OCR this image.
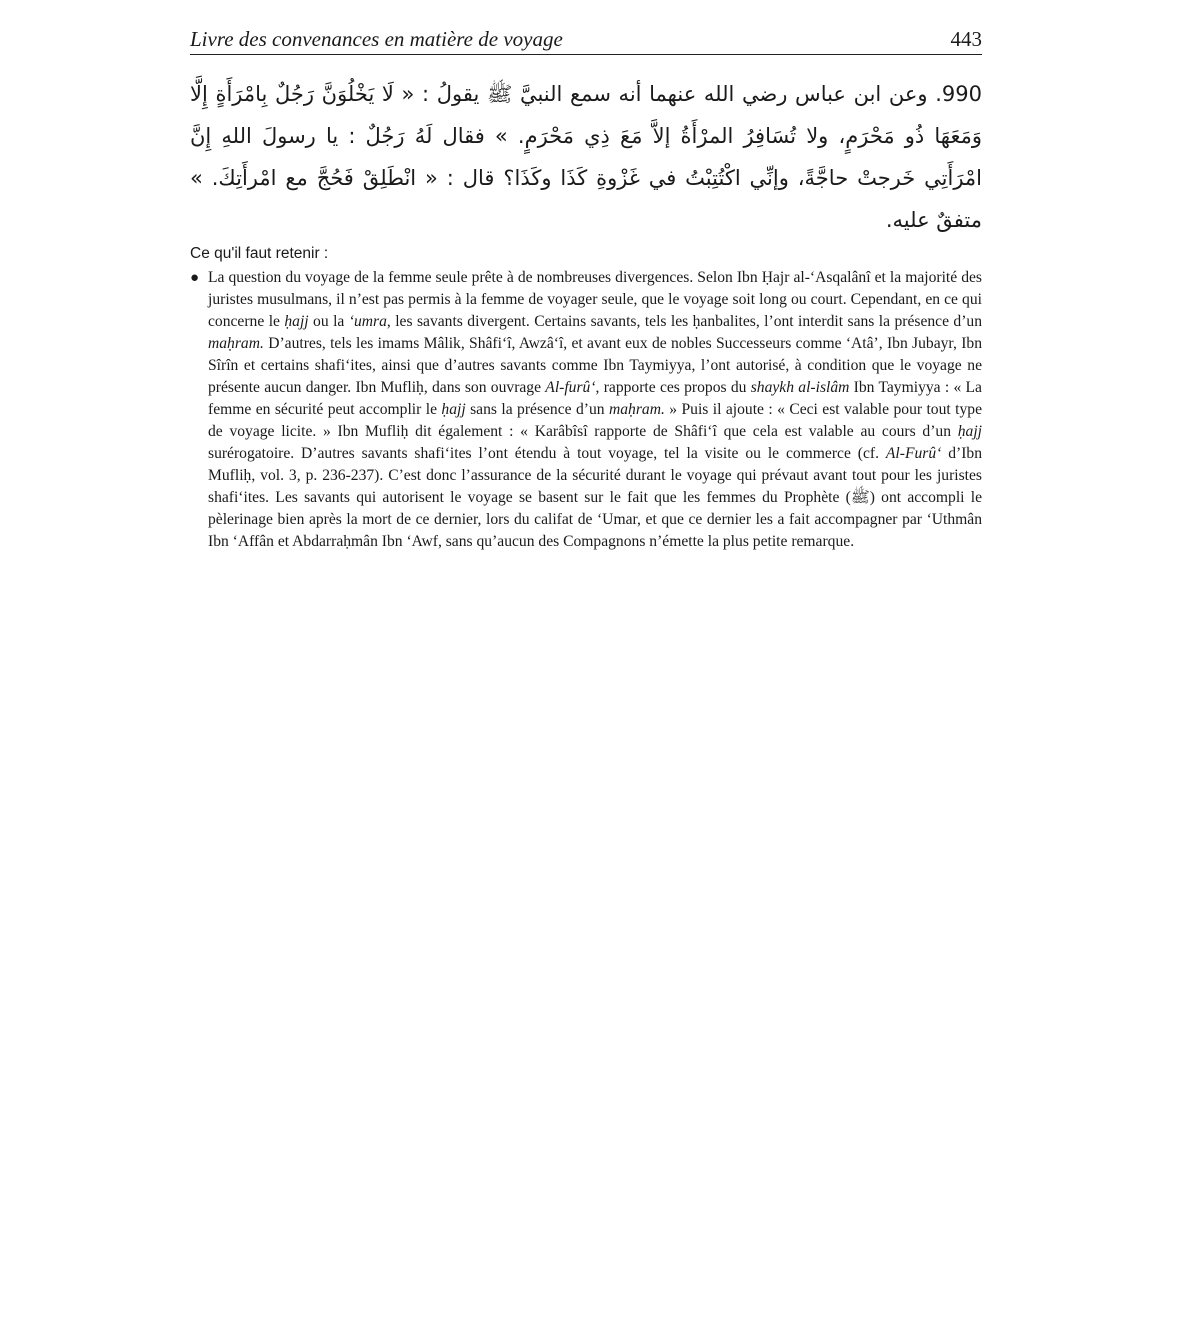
Livre des convenances en matière de voyage	443
990. وعن ابن عباس رضي الله عنهما أنه سمع النبيَّ ﷺ يقولُ : « لَا يَخْلُوَنَّ رَجُلٌ بِامْرَأَةٍ إِلَّا وَمَعَهَا ذُو مَحْرَمٍ، ولا تُسَافِرُ المرْأَةُ إلاَّ مَعَ ذِي مَحْرَمٍ. » فقال لَهُ رَجُلٌ : يا رسولَ اللهِ إِنَّ امْرَأَتِي خَرجتْ حاجَّةً، وإنِّي اكْتُتِبْتُ في غَزْوةِ كَذَا وكَذَا؟ قال : « انْطَلِقْ فَحُجَّ مع امْرأَتِكَ. » متفقٌ عليه.
Ce qu'il faut retenir :
● La question du voyage de la femme seule prête à de nombreuses divergences. Selon Ibn Ḥajr al-‘Asqalânî et la majorité des juristes musulmans, il n’est pas permis à la femme de voyager seule, que le voyage soit long ou court. Cependant, en ce qui concerne le ḥajj ou la ‘umra, les savants divergent. Certains savants, tels les ḥanbalites, l’ont interdit sans la présence d’un maḥram. D’autres, tels les imams Mâlik, Shâfi‘î, Awzâ‘î, et avant eux de nobles Successeurs comme ‘Atâ’, Ibn Jubayr, Ibn Sîrîn et certains shafi‘ites, ainsi que d’autres savants comme Ibn Taymiyya, l’ont autorisé, à condition que le voyage ne présente aucun danger. Ibn Mufliḥ, dans son ouvrage Al-furû‘, rapporte ces propos du shaykh al-islâm Ibn Taymiyya : « La femme en sécurité peut accomplir le ḥajj sans la présence d’un maḥram. » Puis il ajoute : « Ceci est valable pour tout type de voyage licite. » Ibn Mufliḥ dit également : « Karâbîsî rapporte de Shâfi‘î que cela est valable au cours d’un ḥajj surérogatoire. D’autres savants shafi‘ites l’ont étendu à tout voyage, tel la visite ou le commerce (cf. Al-Furû‘ d’Ibn Mufliḥ, vol. 3, p. 236-237). C’est donc l’assurance de la sécurité durant le voyage qui prévaut avant tout pour les juristes shafi‘ites. Les savants qui autorisent le voyage se basent sur le fait que les femmes du Prophète (ﷺ) ont accompli le pèlerinage bien après la mort de ce dernier, lors du califat de ‘Umar, et que ce dernier les a fait accompagner par ‘Uthmân Ibn ‘Affân et Abdarraḥmân Ibn ‘Awf, sans qu’aucun des Compagnons n’émette la plus petite remarque.
